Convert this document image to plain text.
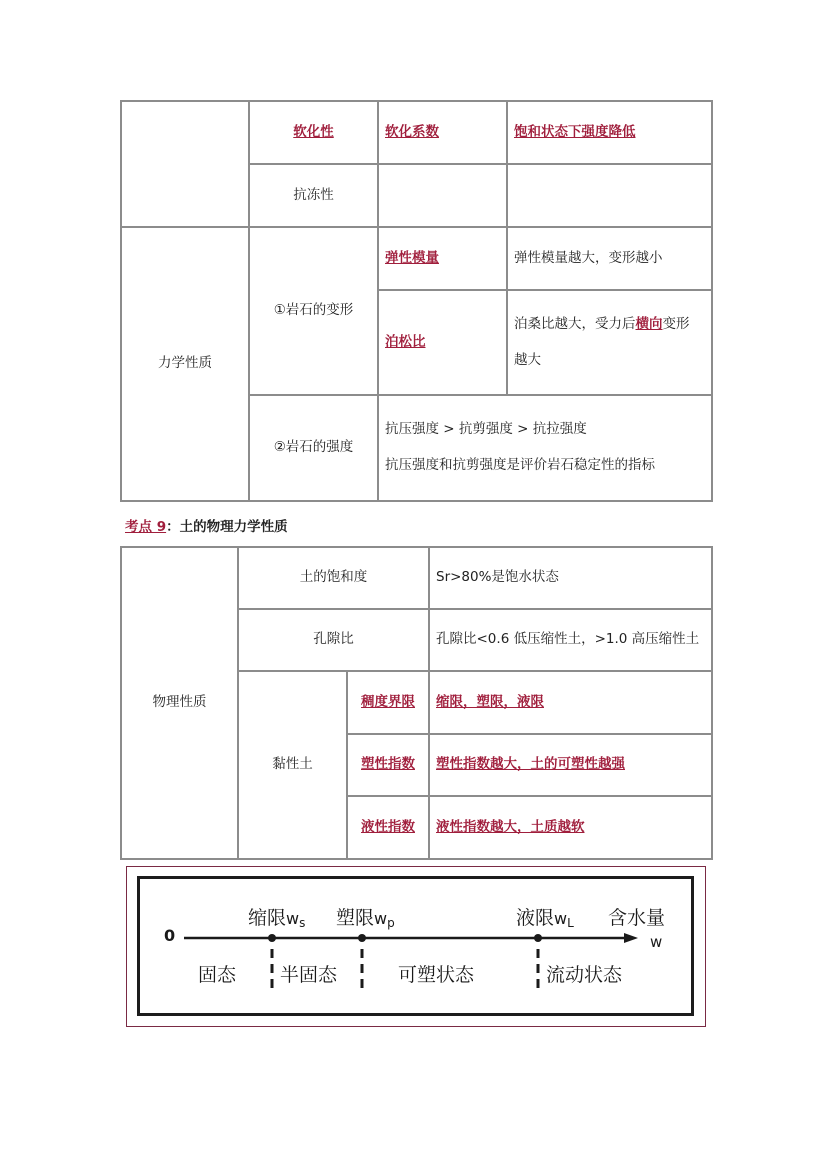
	软化性	软化系数	饱和状态下强度降低
	抗冻性		
力学性质	①岩石的变形	弹性模量	弹性模量越大，变形越小
		泊松比	泊桑比越大，受力后横向变形
越大

	②岩石的强度	抗压强度 > 抗剪强度 > 抗拉强度
抗压强度和抗剪强度是评价岩石稳定性的指标	
考点 9：土的物理力学性质
物理性质	土的饱和度		Sr>80%是饱水状态
	孔隙比		孔隙比<0.6 低压缩性土，>1.0 高压缩性土
	黏性土	稠度界限	缩限，塑限，液限
		塑性指数	塑性指数越大，土的可塑性越强
		液性指数	液性指数越大，土质越软
0
缩限$w_s$ 塑限$w_p$	液限$w_L$ 含水量
w
固态 半固态	可塑状态	流动状态
